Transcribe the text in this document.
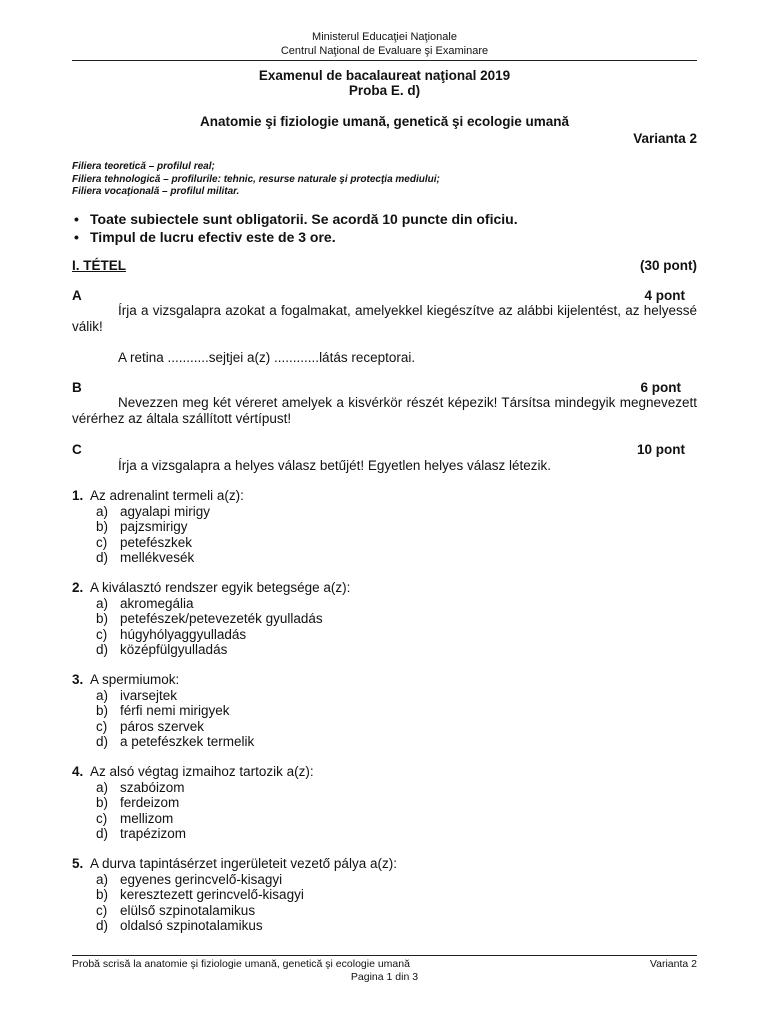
Ministerul Educaţiei Naţionale
Centrul Naţional de Evaluare şi Examinare
Examenul de bacalaureat naţional 2019
Proba E. d)
Anatomie şi fiziologie umană, genetică şi ecologie umană
Varianta 2
Filiera teoretică – profilul real;
Filiera tehnologică – profilurile: tehnic, resurse naturale şi protecţia mediului;
Filiera vocaţională – profilul militar.
• Toate subiectele sunt obligatorii. Se acordă 10 puncte din oficiu.
• Timpul de lucru efectiv este de 3 ore.
I. TÉTEL	(30 pont)
A	4 pont
Írja a vizsgalapra azokat a fogalmakat, amelyekkel kiegészítve az alábbi kijelentést, az helyessé válik!
A retina ...........sejtjei a(z) ............látás receptorai.
B	6 pont
Nevezzen meg két véreret amelyek a kisvérkör részét képezik! Társítsa mindegyik megnevezett vérérhez az általa szállított vértípust!
C	10 pont
Írja a vizsgalapra a helyes válasz betűjét! Egyetlen helyes válasz létezik.
1. Az adrenalint termeli a(z):
a) agyalapi mirigy
b) pajzsmirigy
c) petefészkek
d) mellékvesék
2. A kiválasztó rendszer egyik betegsége a(z):
a) akromegália
b) petefészek/petevezeték gyulladás
c) húgyhólyaggyulladás
d) középfülgyulladás
3. A spermiumok:
a) ivarsejtek
b) férfi nemi mirigyek
c) páros szervek
d) a petefészkek termelik
4. Az alsó végtag izmaihoz tartozik a(z):
a) szabóizom
b) ferdeizom
c) mellizom
d) trapézizom
5. A durva tapintásérzet ingerületeit vezető pálya a(z):
a) egyenes gerincvelő-kisagyi
b) keresztezett gerincvelő-kisagyi
c) elülső szpinotalamikus
d) oldalsó szpinotalamikus
Probă scrisă la anatomie şi fiziologie umană, genetică şi ecologie umană	Varianta 2
Pagina 1 din 3
